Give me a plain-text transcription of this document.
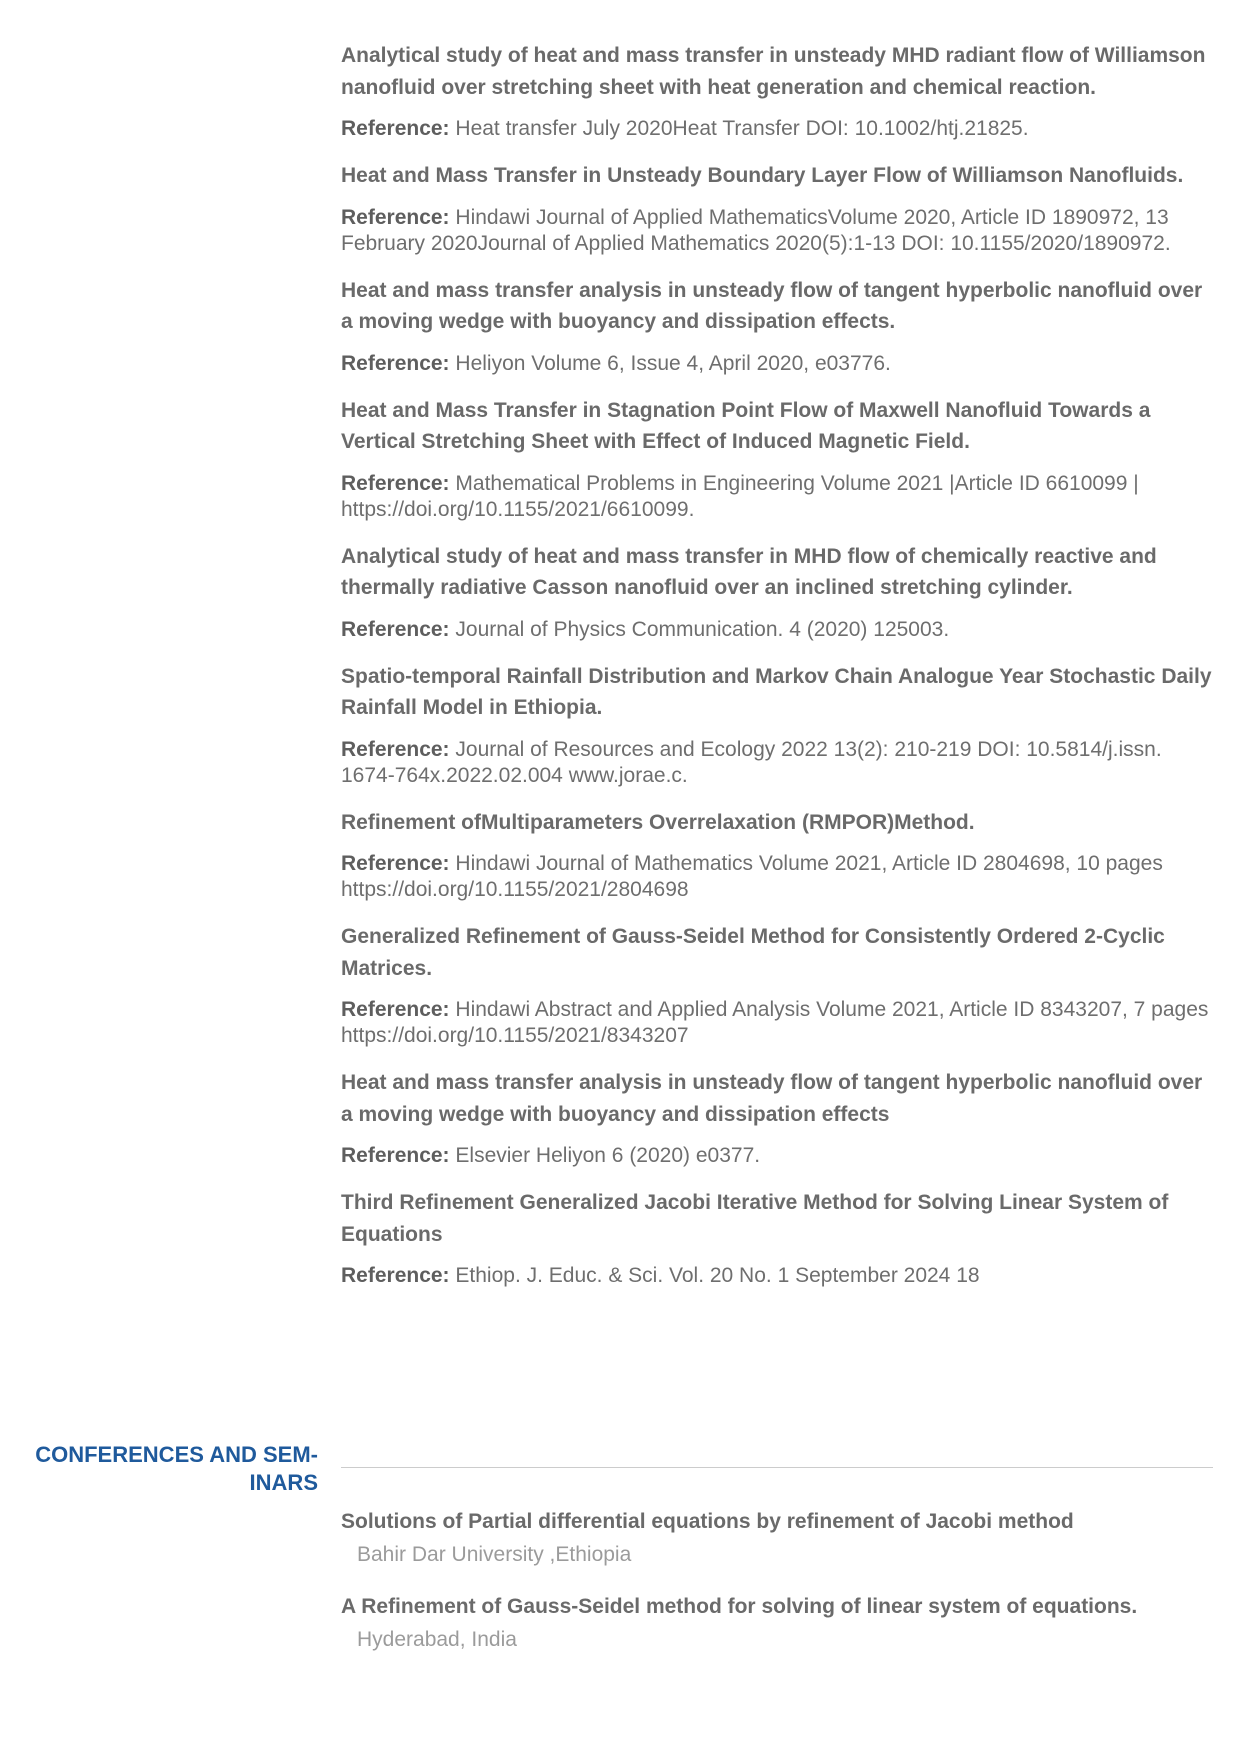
Analytical study of heat and mass transfer in unsteady MHD radiant flow of Williamson nanofluid over stretching sheet with heat generation and chemical reaction.

Reference: Heat transfer July 2020Heat Transfer DOI: 10.1002/htj.21825.

Heat and Mass Transfer in Unsteady Boundary Layer Flow of Williamson Nanofluids.

Reference: Hindawi Journal of Applied MathematicsVolume 2020, Article ID 1890972, 13 February 2020Journal of Applied Mathematics 2020(5):1-13 DOI: 10.1155/2020/1890972.

Heat and mass transfer analysis in unsteady flow of tangent hyperbolic nanofluid over a moving wedge with buoyancy and dissipation effects.

Reference: Heliyon Volume 6, Issue 4, April 2020, e03776.

Heat and Mass Transfer in Stagnation Point Flow of Maxwell Nanofluid Towards a Vertical Stretching Sheet with Effect of Induced Magnetic Field.

Reference: Mathematical Problems in Engineering Volume 2021 |Article ID 6610099 | https://doi.org/10.1155/2021/6610099.

Analytical study of heat and mass transfer in MHD flow of chemically reactive and thermally radiative Casson nanofluid over an inclined stretching cylinder.

Reference: Journal of Physics Communication. 4 (2020) 125003.

Spatio-temporal Rainfall Distribution and Markov Chain Analogue Year Stochastic Daily Rainfall Model in Ethiopia.

Reference: Journal of Resources and Ecology 2022 13(2): 210-219 DOI: 10.5814/j.issn. 1674-764x.2022.02.004 www.jorae.c.

Refinement ofMultiparameters Overrelaxation (RMPOR)Method.

Reference: Hindawi Journal of Mathematics Volume 2021, Article ID 2804698, 10 pages https://doi.org/10.1155/2021/2804698

Generalized Refinement of Gauss-Seidel Method for Consistently Ordered 2-Cyclic Matrices.

Reference: Hindawi Abstract and Applied Analysis Volume 2021, Article ID 8343207, 7 pages https://doi.org/10.1155/2021/8343207

Heat and mass transfer analysis in unsteady flow of tangent hyperbolic nanofluid over a moving wedge with buoyancy and dissipation effects

Reference: Elsevier Heliyon 6 (2020) e0377.

Third Refinement Generalized Jacobi Iterative Method for Solving Linear System of Equations

Reference: Ethiop. J. Educ. & Sci. Vol. 20 No. 1 September 2024 18

CONFERENCES AND SEM-INARS

Solutions of Partial differential equations by refinement of Jacobi method

Bahir Dar University ,Ethiopia

A Refinement of Gauss-Seidel method for solving of linear system of equations.

Hyderabad, India
